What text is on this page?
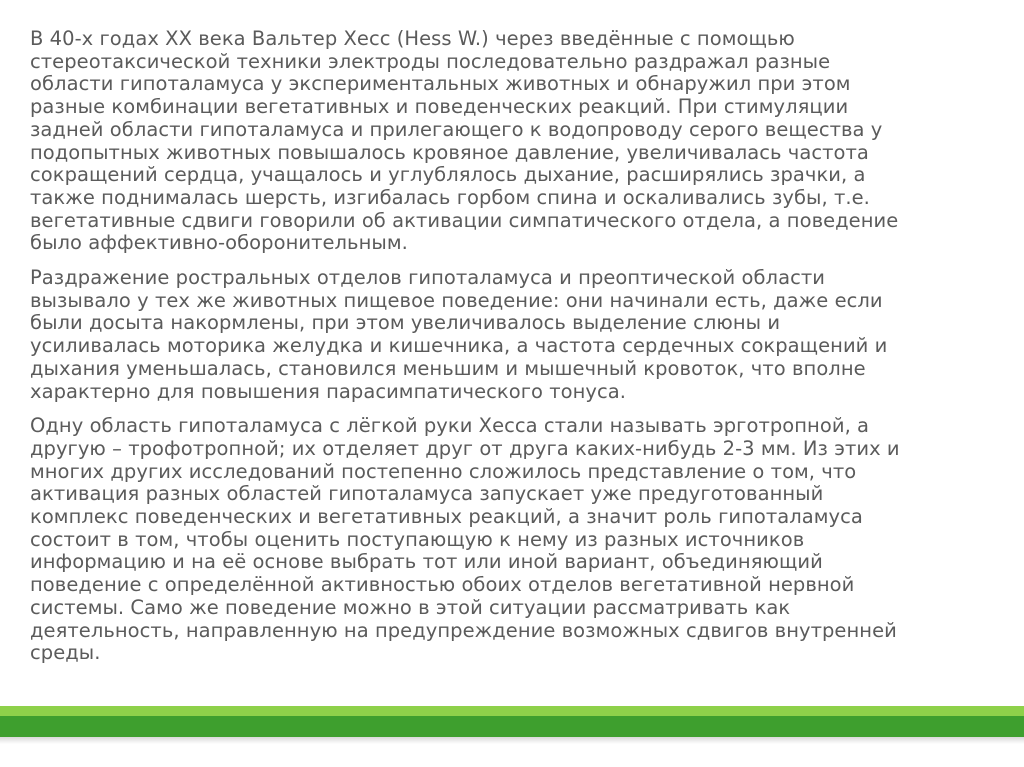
В 40-х годах XX века Вальтер Хесс (Hess W.) через введённые с помощью
стереотаксической техники электроды последовательно раздражал разные
области гипоталамуса у экспериментальных животных и обнаружил при этом
разные комбинации вегетативных и поведенческих реакций. При стимуляции
задней области гипоталамуса и прилегающего к водопроводу серого вещества у
подопытных животных повышалось кровяное давление, увеличивалась частота
сокращений сердца, учащалось и углублялось дыхание, расширялись зрачки, а
также поднималась шерсть, изгибалась горбом спина и оскаливались зубы, т.е.
вегетативные сдвиги говорили об активации симпатического отдела, а поведение
было аффективно-оборонительным.

Раздражение ростральных отделов гипоталамуса и преоптической области
вызывало у тех же животных пищевое поведение: они начинали есть, даже если
были досыта накормлены, при этом увеличивалось выделение слюны и
усиливалась моторика желудка и кишечника, а частота сердечных сокращений и
дыхания уменьшалась, становился меньшим и мышечный кровоток, что вполне
характерно для повышения парасимпатического тонуса.

Одну область гипоталамуса с лёгкой руки Хесса стали называть эрготропной, а
другую – трофотропной; их отделяет друг от друга каких-нибудь 2-3 мм. Из этих и
многих других исследований постепенно сложилось представление о том, что
активация разных областей гипоталамуса запускает уже предуготованный
комплекс поведенческих и вегетативных реакций, а значит роль гипоталамуса
состоит в том, чтобы оценить поступающую к нему из разных источников
информацию и на её основе выбрать тот или иной вариант, объединяющий
поведение с определённой активностью обоих отделов вегетативной нервной
системы. Само же поведение можно в этой ситуации рассматривать как
деятельность, направленную на предупреждение возможных сдвигов внутренней
среды.
